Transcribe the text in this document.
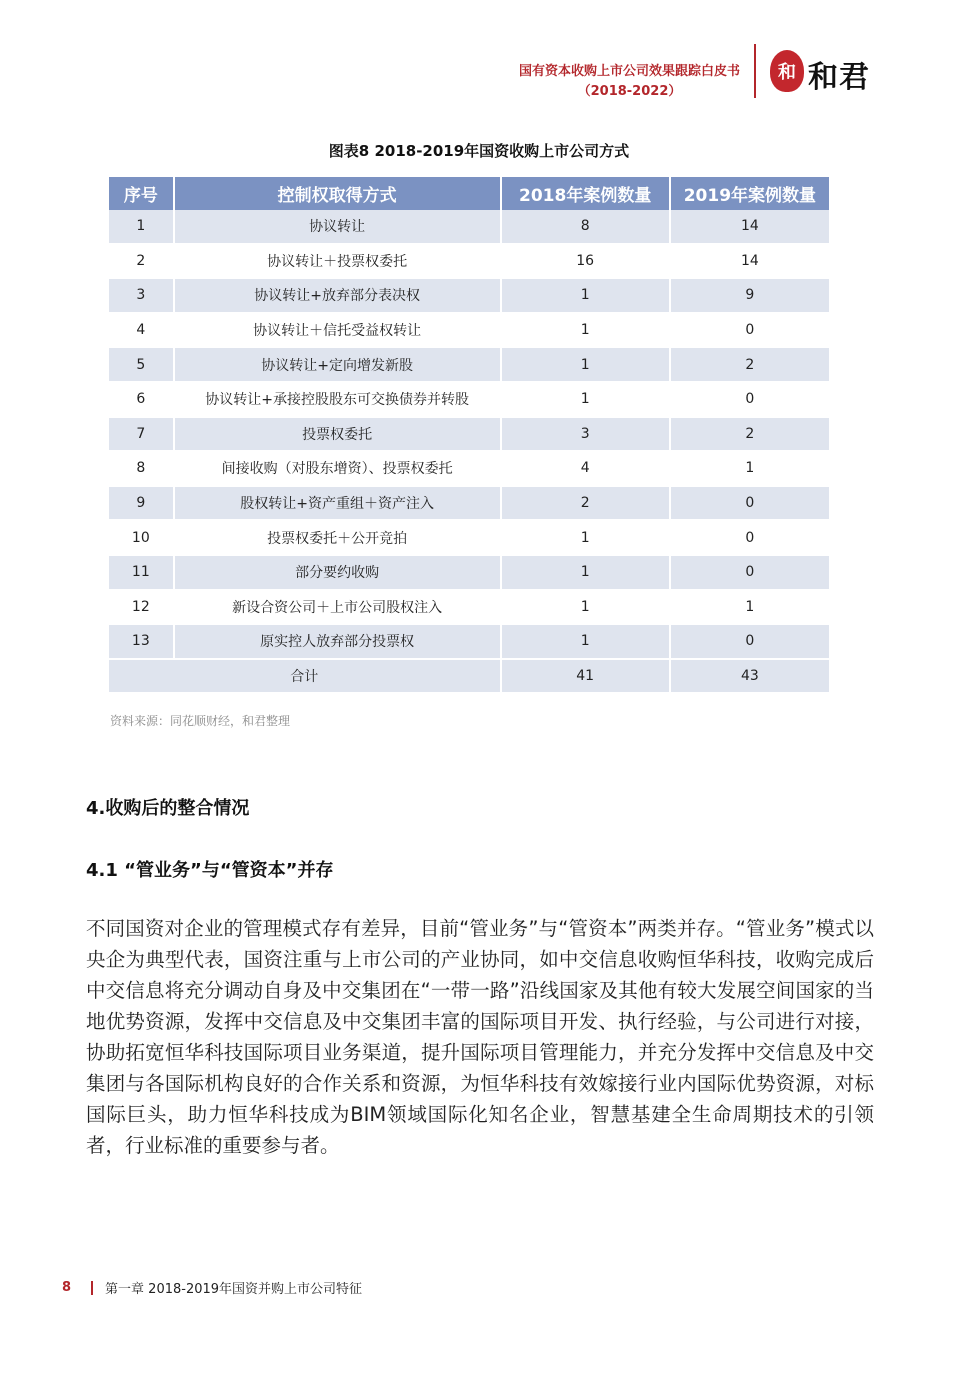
国有资本收购上市公司效果跟踪白皮书
（2018-2022）
和 和君
图表8 2018-2019年国资收购上市公司方式
序号	控制权取得方式	2018年案例数量	2019年案例数量
1	协议转让	8	14
2	协议转让＋投票权委托	16	14
3	协议转让+放弃部分表决权	1	9
4	协议转让＋信托受益权转让	1	0
5	协议转让+定向增发新股	1	2
6	协议转让+承接控股股东可交换债券并转股	1	0
7	投票权委托	3	2
8	间接收购（对股东增资）、投票权委托	4	1
9	股权转让+资产重组＋资产注入	2	0
10	投票权委托＋公开竞拍	1	0
11	部分要约收购	1	0
12	新设合资公司＋上市公司股权注入	1	1
13	原实控人放弃部分投票权	1	0
合计		41	43
资料来源：同花顺财经，和君整理
4.收购后的整合情况
4.1 “管业务”与“管资本”并存

不同国资对企业的管理模式存有差异，目前“管业务”与“管资本”两类并存。“管业务”模式以央企为典型代表，国资注重与上市公司的产业协同，如中交信息收购恒华科技，收购完成后中交信息将充分调动自身及中交集团在“一带一路”沿线国家及其他有较大发展空间国家的当地优势资源，发挥中交信息及中交集团丰富的国际项目开发、执行经验，与公司进行对接，协助拓宽恒华科技国际项目业务渠道，提升国际项目管理能力，并充分发挥中交信息及中交集团与各国际机构良好的合作关系和资源，为恒华科技有效嫁接行业内国际优势资源，对标国际巨头，助力恒华科技成为BIM领域国际化知名企业，智慧基建全生命周期技术的引领者，行业标准的重要参与者。

8	第一章 2018-2019年国资并购上市公司特征
